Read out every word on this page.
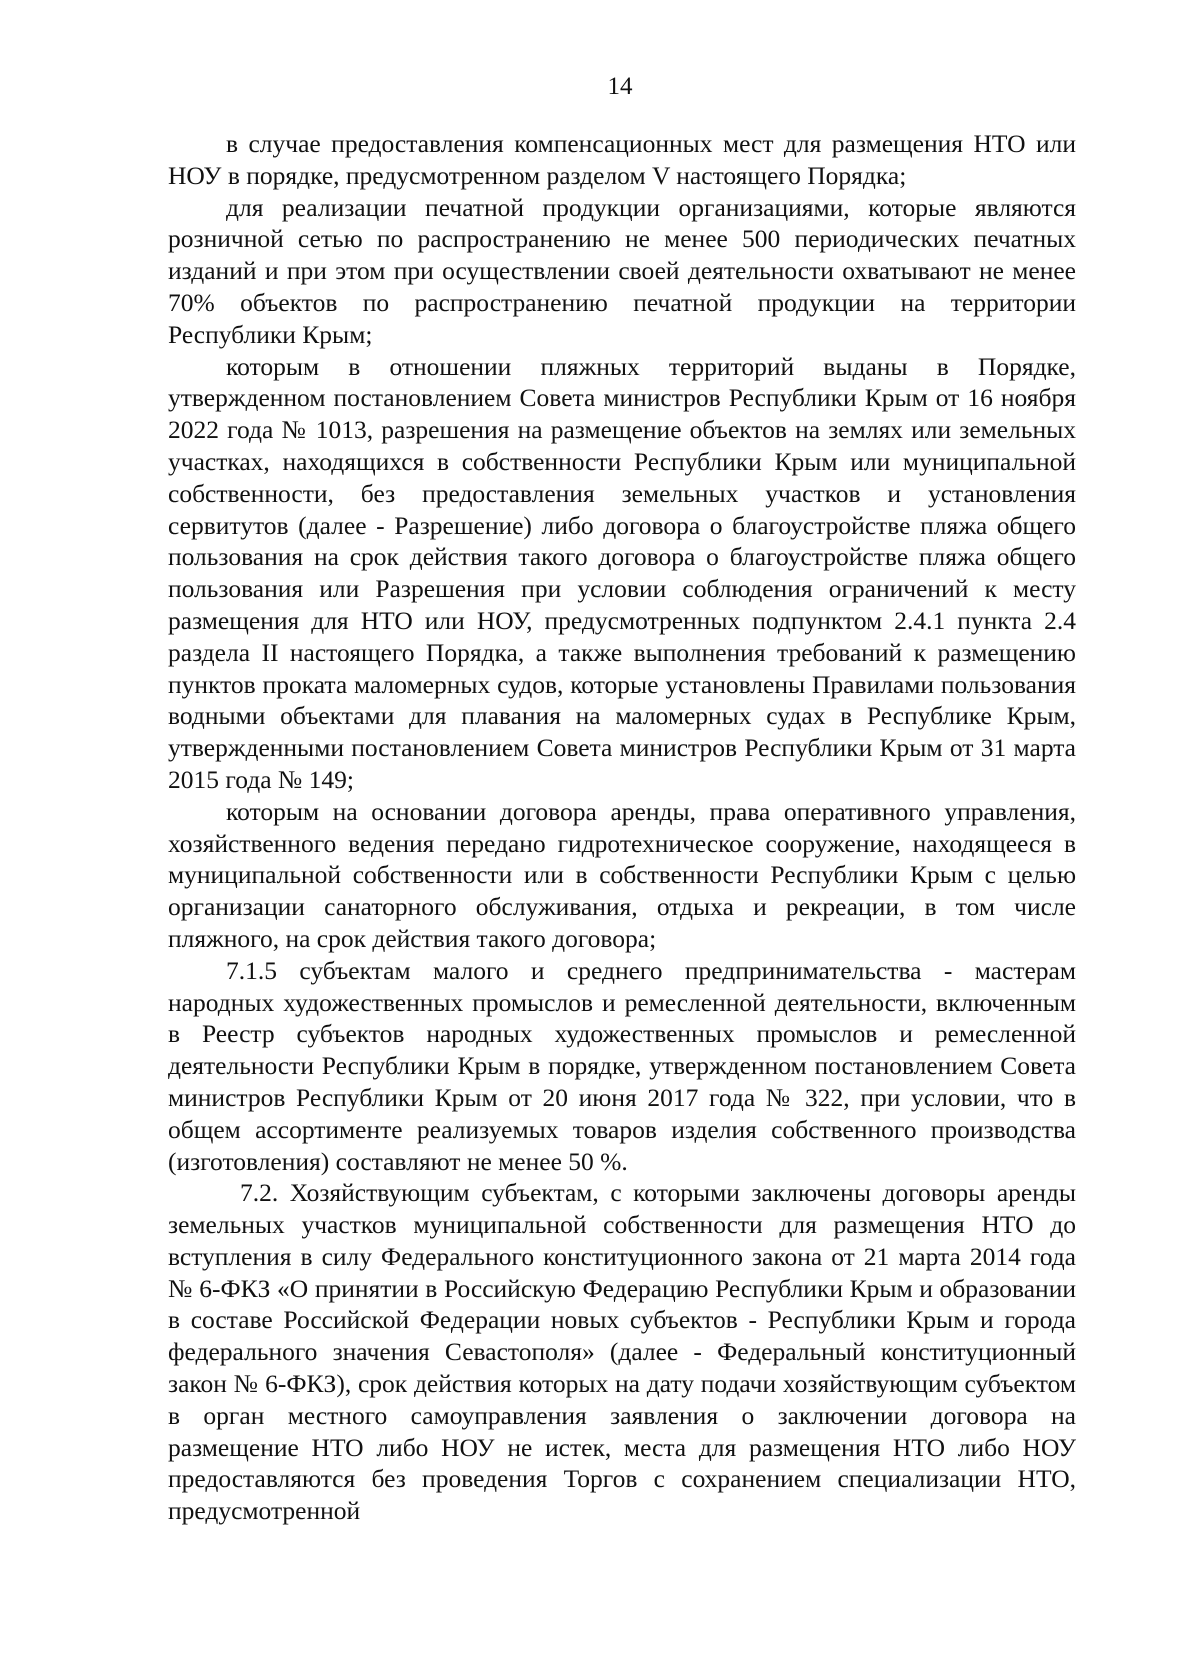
14

в случае предоставления компенсационных мест для размещения НТО или НОУ в порядке, предусмотренном разделом V настоящего Порядка;

для реализации печатной продукции организациями, которые являются розничной сетью по распространению не менее 500 периодических печатных изданий и при этом при осуществлении своей деятельности охватывают не менее 70% объектов по распространению печатной продукции на территории Республики Крым;

которым в отношении пляжных территорий выданы в Порядке, утвержденном постановлением Совета министров Республики Крым от 16 ноября 2022 года № 1013, разрешения на размещение объектов на землях или земельных участках, находящихся в собственности Республики Крым или муниципальной собственности, без предоставления земельных участков и установления сервитутов (далее - Разрешение) либо договора о благоустройстве пляжа общего пользования на срок действия такого договора о благоустройстве пляжа общего пользования или Разрешения при условии соблюдения ограничений к месту размещения для НТО или НОУ, предусмотренных подпунктом 2.4.1 пункта 2.4 раздела II настоящего Порядка, а также выполнения требований к размещению пунктов проката маломерных судов, которые установлены Правилами пользования водными объектами для плавания на маломерных судах в Республике Крым, утвержденными постановлением Совета министров Республики Крым от 31 марта 2015 года № 149;

которым на основании договора аренды, права оперативного управления, хозяйственного ведения передано гидротехническое сооружение, находящееся в муниципальной собственности или в собственности Республики Крым с целью организации санаторного обслуживания, отдыха и рекреации, в том числе пляжного, на срок действия такого договора;

7.1.5 субъектам малого и среднего предпринимательства - мастерам народных художественных промыслов и ремесленной деятельности, включенным в Реестр субъектов народных художественных промыслов и ремесленной деятельности Республики Крым в порядке, утвержденном постановлением Совета министров Республики Крым от 20 июня 2017 года № 322, при условии, что в общем ассортименте реализуемых товаров изделия собственного производства (изготовления) составляют не менее 50 %.

7.2. Хозяйствующим субъектам, с которыми заключены договоры аренды земельных участков муниципальной собственности для размещения НТО до вступления в силу Федерального конституционного закона от 21 марта 2014 года № 6-ФКЗ «О принятии в Российскую Федерацию Республики Крым и образовании в составе Российской Федерации новых субъектов - Республики Крым и города федерального значения Севастополя» (далее - Федеральный конституционный закон № 6-ФКЗ), срок действия которых на дату подачи хозяйствующим субъектом в орган местного самоуправления заявления о заключении договора на размещение НТО либо НОУ не истек, места для размещения НТО либо НОУ предоставляются без проведения Торгов с сохранением специализации НТО, предусмотренной
